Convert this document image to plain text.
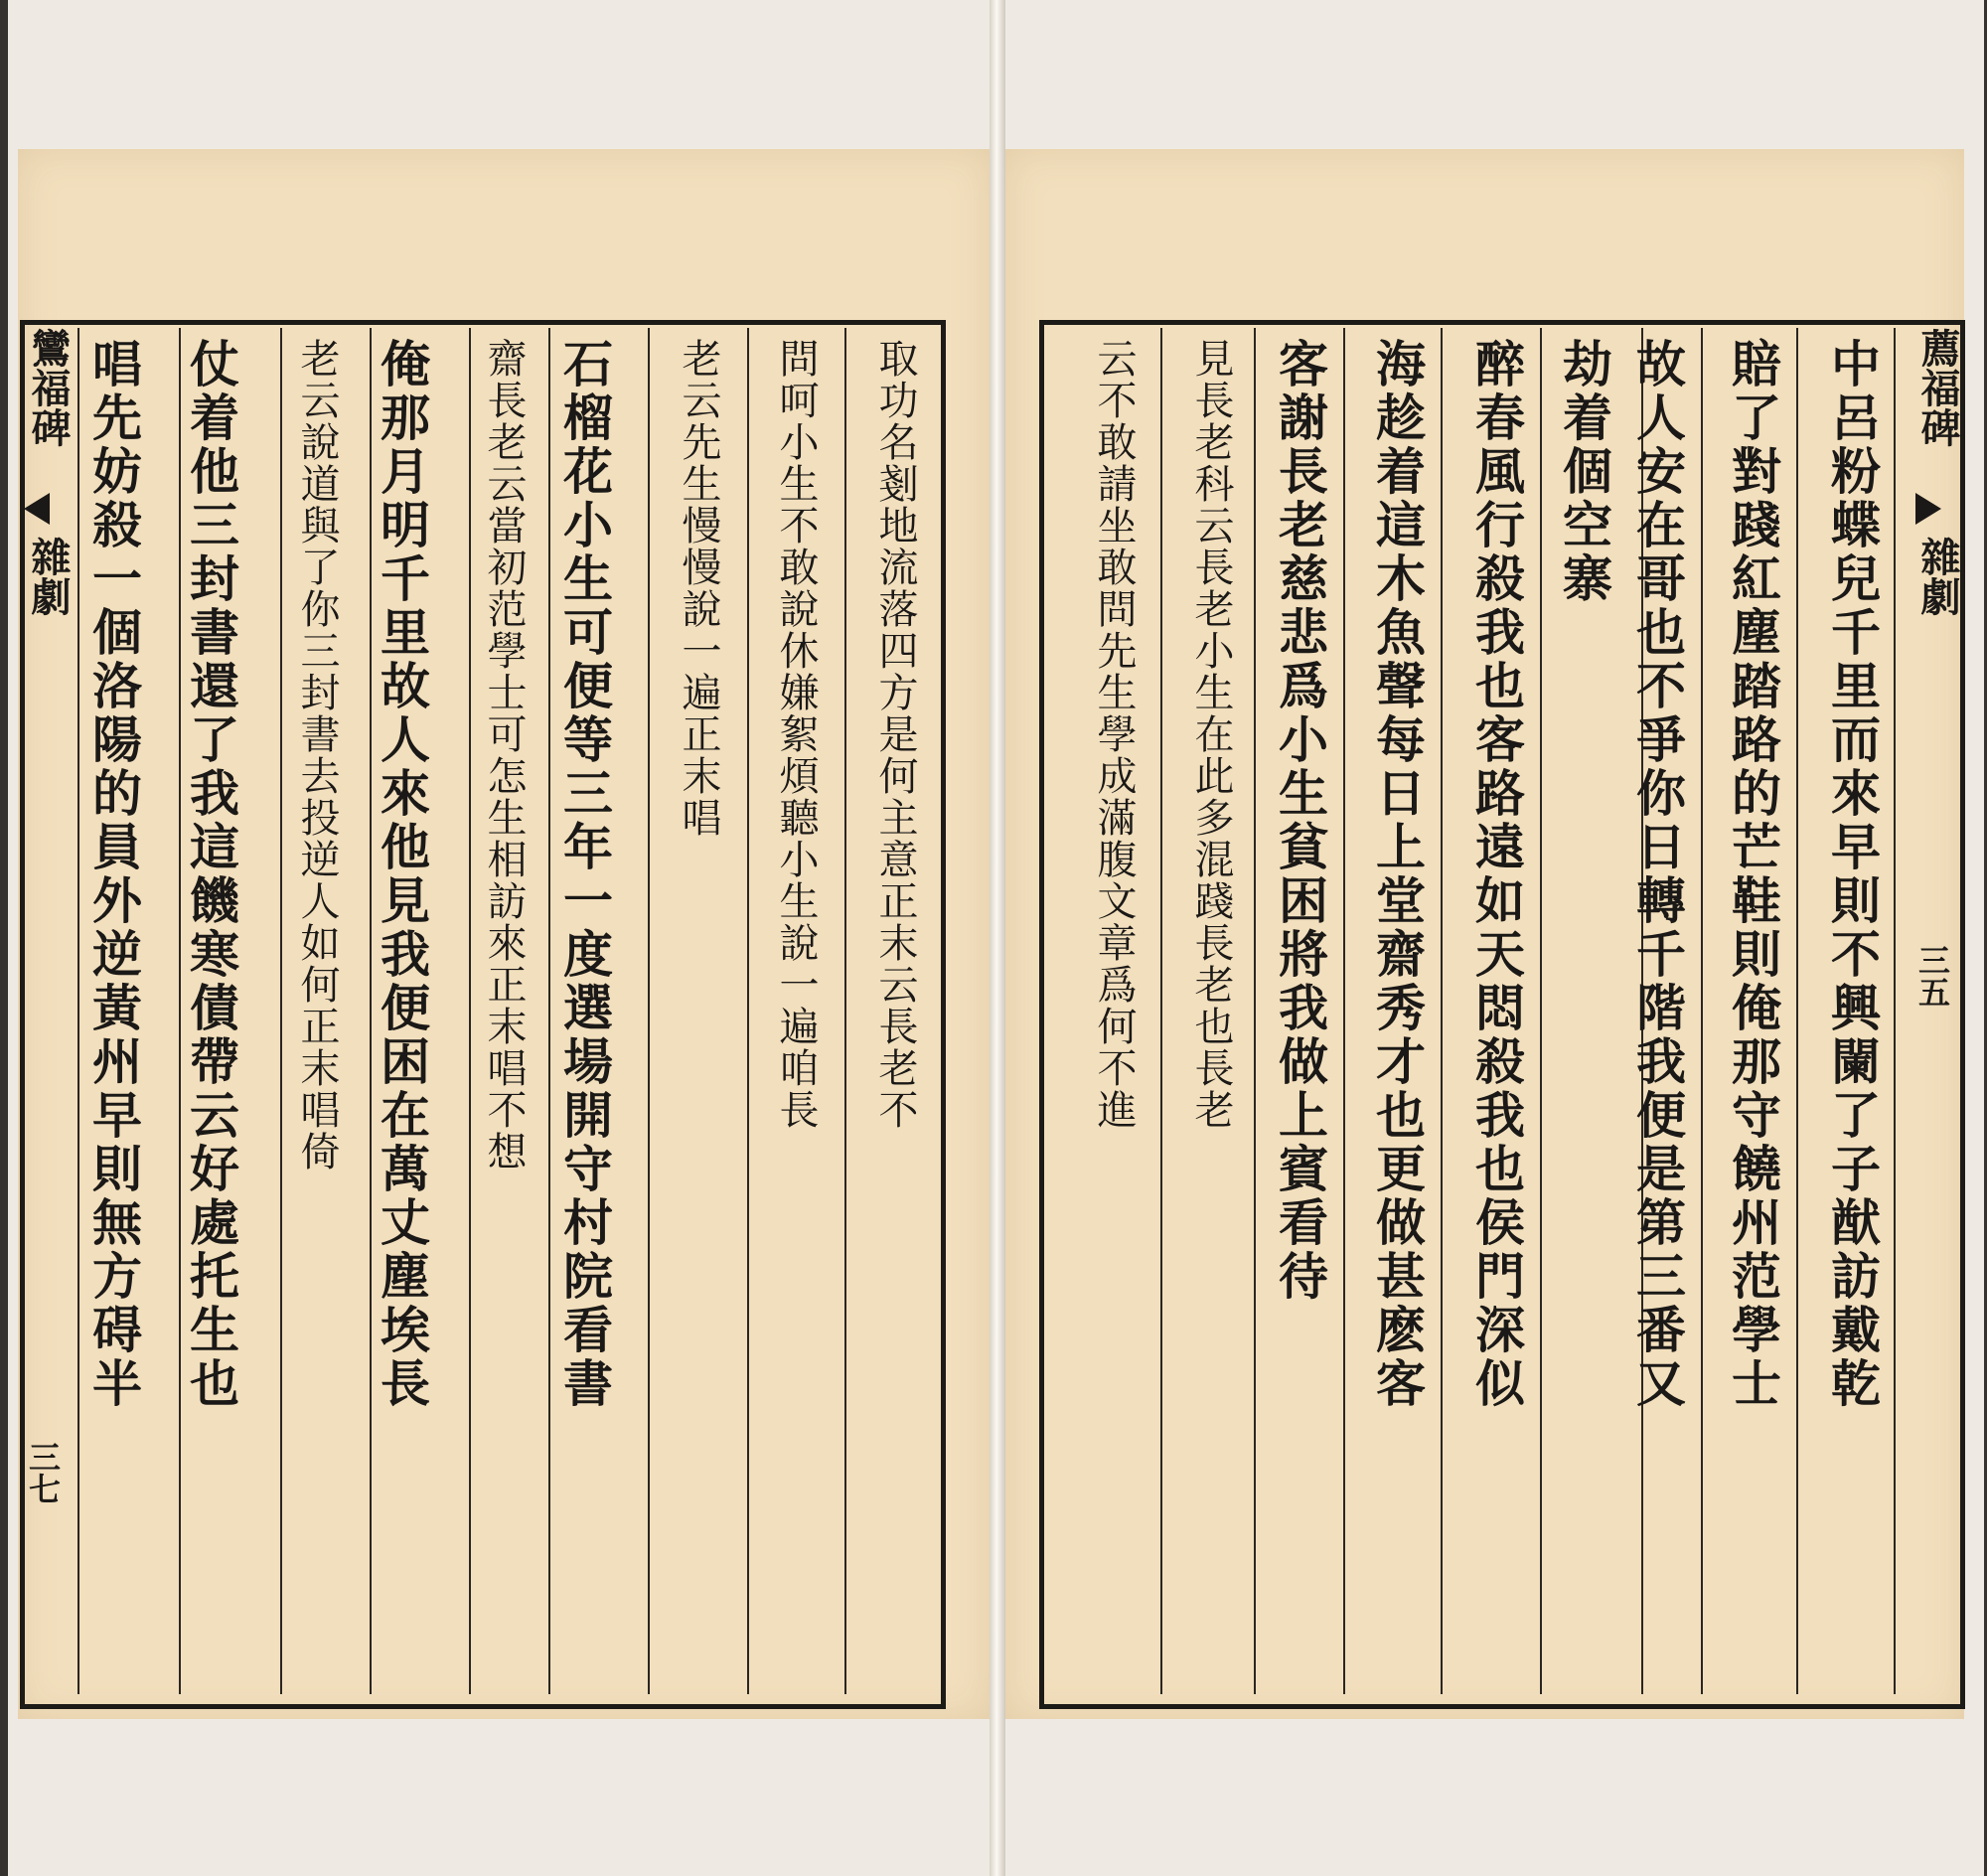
鸞福碑
雜劇
三七
取功名剗地流落四方是何主意正末云長老不
問呵小生不敢說休嫌絮煩聽小生說一遍咱長
老云先生慢慢說一遍正末唱
石榴花小生可便等三年一度選場開守村院看書
齋長老云當初范學士可怎生相訪來正末唱不想
俺那月明千里故人來他見我便困在萬丈塵埃長
老云說道與了你三封書去投逆人如何正末唱倚
仗着他三封書還了我這饑寒債帶云好處托生也
唱先妨殺一個洛陽的員外逆黃州早則無方碍半	薦福碑
雜劇
三五
中呂粉蝶兒千里而來早則不興闌了子猷訪戴乾
賠了對踐紅塵踏路的芒鞋則俺那守饒州范學士
故人安在哥也不爭你日轉千階我便是第三番又
劫着個空寨
醉春風行殺我也客路遠如天悶殺我也侯門深似
海趁着這木魚聲每日上堂齋秀才也更做甚麽客
客謝長老慈悲爲小生貧困將我做上賓看待
見長老科云長老小生在此多混踐長老也長老
云不敢請坐敢問先生學成滿腹文章爲何不進
